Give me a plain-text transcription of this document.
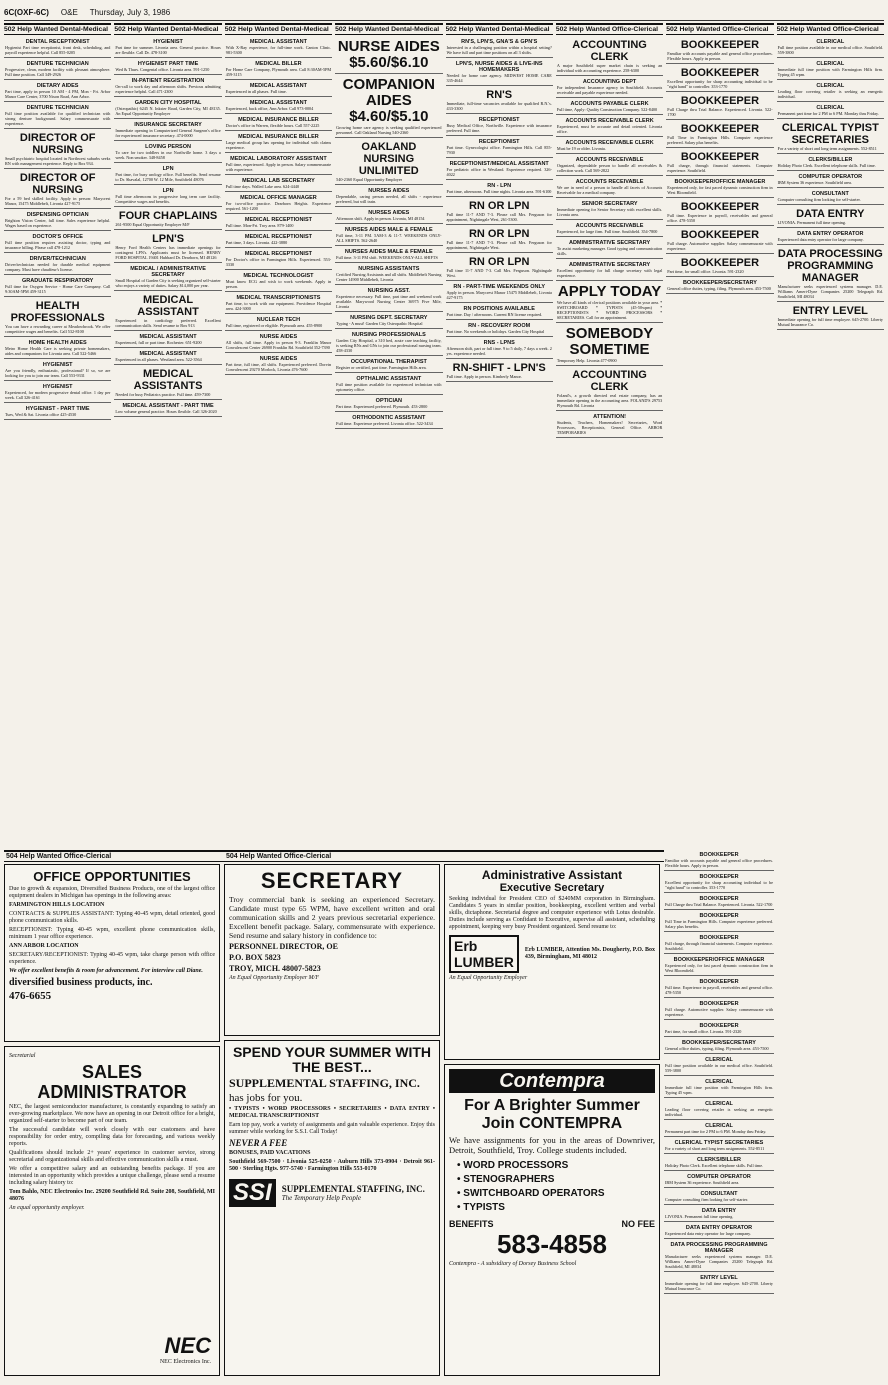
6C(OXF-6C) O&E Thursday, July 3, 1986
502 Help Wanted Dental-Medical
DENTAL RECEPTIONIST
Hygienist Part time receptionist, front desk, scheduling, and payroll experience helpful. Call 855-0205
DENTURE TECHNICIAN
Progressive, clean, modern facility with pleasant atmosphere. Full time position. Call 349-2926
DIETARY AIDES
Part time, apply in person 10 AM - 4 PM, Mon - Fri. Arbor Manor Care Center, 3700 Nixon Road, Ann Arbor.
DENTURE TECHNICIAN
Full time position available for qualified technician with strong denture background. Salary commensurate with experience.
DIRECTOR OF NURSING
Small psychiatric hospital located in Northwest suburbs seeks RN with management experience. Reply to Box 934.
DIRECTOR OF NURSING
For a 59 bed skilled facility. Apply in person: Marycrest Manor, 15475 Middlebelt, Livonia 427-9175
DISPENSING OPTICIAN
Brighton Vision Center, full time. Sales experience helpful. Wages based on experience.
DOCTOR'S OFFICE
Full time position requires assisting doctor, typing and insurance billing. Please call 478-1212
DRIVER/TECHNICIAN
Driver/technician needed for durable medical equipment company. Must have chauffeur's license.
GRADUATE RESPIRATORY
Full time for Oxygen Service - Home Care Company. Call 9:30AM-5PM 459-3115
HEALTH PROFESSIONALS
You can have a rewarding career at Meadowbrook. We offer competitive wages and benefits. Call 532-8100
HOME HEALTH AIDES
Metro Home Health Care is seeking private homemakers, aides and companions for Livonia area. Call 522-5466
HYGIENIST
Are you friendly, enthusiastic, professional? If so, we are looking for you to join our team. Call 553-9331
HYGIENIST
Experienced, for modern progressive dental office. 1 day per week. Call 326-4161
HYGIENIST - PART TIME
Tues, Wed & Sat. Livonia office 425-4530
502 Help Wanted Dental-Medical
HYGIENIST
Part time for summer. Livonia area. General practice. Hours are flexible. Call Dr. 478-3100
HYGIENIST PART TIME
Wed & Thurs. Congenial office. Livonia area. 591-1250
IN-PATIENT REGISTRATION
On-call to work day and afternoon shifts. Previous admitting experience helpful. Call 471-2300
GARDEN CITY HOSPITAL
(Osteopathic) 6245 N. Inkster Road, Garden City, MI 48135. An Equal Opportunity Employer
INSURANCE SECRETARY
Immediate opening in Computerized General Surgeon's office for experienced insurance secretary. 474-0000
LOVING PERSON
To care for two toddlers in our Northville home. 3 days a week. Non smoker. 348-8458
LPN
Part time, for busy urology office. Full benefits. Send resume to Dr. Shavalal, 12700 W. 12 Mile, Southfield 48076
LPN
Full time afternoons in progressive long term care facility. Competitive wages and benefits.
FOUR CHAPLAINS
261-9500 Equal Opportunity Employer M/F
LPN'S
Henry Ford Health Centers has immediate openings for contingent LPN's. Applicants must be licensed. HENRY FORD HOSPITAL 19401 Hubbard Dr. Dearborn, MI 48126
MEDICAL / ADMINISTRATIVE SECRETARY
Small Hospital of Garden City is seeking organized self-starter who enjoys a variety of duties. Salary $14,000 per year.
MEDICAL ASSISTANT
Experienced in cardiology preferred. Excellent communication skills. Send resume to Box 913
MEDICAL ASSISTANT
Experienced, full or part time. Rochester. 651-9200
MEDICAL ASSISTANT
Experienced in all phases. Westland area. 522-3564
MEDICAL ASSISTANTS
Needed for busy Pediatrics practice. Full time. 459-7300
MEDICAL ASSISTANT - PART TIME
Low volume general practice. Hours flexible. Call 326-2020
502 Help Wanted Dental-Medical
MEDICAL ASSISTANT
With X-Ray experience, for full-time work. Canton Clinic. 981-5300
MEDICAL BILLER
For Home Care Company, Plymouth area. Call 8:30AM-5PM 459-3115
MEDICAL ASSISTANT
Experienced in all phases. Full time.
MEDICAL ASSISTANT
Experienced, back office, Ann Arbor. Call 973-0004
MEDICAL INSURANCE BILLER
Doctor's office in Warren, flexible hours. Call 557-2225
MEDICAL INSURANCE BILLER
Large medical group has opening for individual with claims experience.
MEDICAL LABORATORY ASSISTANT
Full time, experienced. Apply in person. Salary commensurate with experience.
MEDICAL LAB SECRETARY
Full time days. Walled Lake area. 624-4440
MEDICAL OFFICE MANAGER
For two-office practice. Dearborn Heights. Experience required. 561-1200
MEDICAL RECEPTIONIST
Full time. Mon-Fri. Troy area. 879-1400
MEDICAL RECEPTIONIST
Part time, 3 days. Livonia. 422-3880
MEDICAL RECEPTIONIST
For Doctor's office in Farmington Hills. Experienced. 553-3330
MEDICAL TECHNOLOGIST
Must know ECG and wish to work weekends. Apply in person.
MEDICAL TRANSCRIPTIONISTS
Part time, to work with our equipment. Providence Hospital area. 424-3000
NUCLEAR TECH
Full time, registered or eligible. Plymouth area. 455-8900
NURSE AIDES
All shifts, full time. Apply in person 9-3. Franklin Manor Convalescent Center 26900 Franklin Rd. Southfield 352-7390
NURSE AIDES
Part time, full time, all shifts. Experienced preferred. Dorvin Convalescent 29270 Morlock, Livonia 476-7600
502 Help Wanted Dental-Medical
NURSE AIDES $5.60/$6.10
COMPANION AIDES $4.60/$5.10
Growing home care agency is seeking qualified experienced personnel. Call Oakland Nursing 540-2360
OAKLAND NURSING UNLIMITED
540-2360 Equal Opportunity Employer
NURSES AIDES
Dependable, caring person needed, all shifts - experience preferred, but will train.
NURSES AIDES
Afternoon shift. Apply in person. Livonia, MI 48154
NURSES AIDES MALE & FEMALE
Full time, 3-11 PM. 5AM-3 & 11-7. WEEKENDS ONLY-ALL SHIFTS. 562-2640
NURSES AIDES MALE & FEMALE
Full time. 3-11 PM shift. WEEKENDS ONLY-ALL SHIFTS
NURSING ASSISTANTS
Certified Nursing Assistants and all shifts. Middlebelt Nursing Center 14900 Middlebelt, Livonia
NURSING ASST.
Experience necessary. Full time, part time and weekend work available. Marywood Nursing Center 36975 Five Mile, Livonia
NURSING DEPT. SECRETARY
Typing - A must! Garden City Osteopathic Hospital
NURSING PROFESSIONALS
Garden City Hospital, a 310 bed, acute care teaching facility, is seeking RNs and GNs to join our professional nursing team. 458-4330
OCCUPATIONAL THERAPIST
Register or certified, part time. Farmington Hills area.
OPTHALMIC ASSISTANT
Full time position available for experienced technician with optometry office.
OPTICIAN
Part time. Experienced preferred. Plymouth. 453-2800
ORTHODONTIC ASSISTANT
Full time. Experience preferred. Livonia office. 522-3434
502 Help Wanted Dental-Medical
RN'S, LPN'S, GNA'S & GPN'S
Interested in a challenging position within a hospital setting? We have full and part time positions on all 3 shifts.
LPN'S, NURSE AIDES & LIVE-INS HOMEMAKERS
Needed for home care agency. MIDWEST HOME CARE 335-4644
RN'S
Immediate, full-time vacancies available for qualified R.N.'s. 433-3300
RECEPTIONIST
Busy Medical Office, Northville. Experience with insurance preferred. Full time.
RECEPTIONIST
Part time. Gynecologist office. Farmington Hills. Call 855-7930
RECEPTIONIST/MEDICAL ASSISTANT
For pediatric office in Westland. Experience required. 326-4022
RN - LPN
Part time, afternoons. Full time nights. Livonia area. 591-6100
RN OR LPN
Full time 11-7 AND 7-3. Please call Mrs. Ferguson for appointment, Nightingale West, 261-5300.
RN OR LPN
Full time 11-7 AND 7-3. Please call Mrs. Ferguson for appointment, Nightingale West.
RN OR LPN
Full time 11-7 AND 7-3. Call Mrs. Ferguson. Nightingale West.
RN - PART-TIME WEEKENDS ONLY
Apply in person. Marycrest Manor 15475 Middlebelt, Livonia 427-9175
RN POSITIONS AVAILABLE
Part time. Day / afternoons. Current RN license required.
RN - RECOVERY ROOM
Part time. No weekends or holidays. Garden City Hospital
RNS - LPNS
Afternoon shift, part or full time. 9 to 5 daily, 7 days a week. 2 yrs. experience needed.
RN-SHIFT - LPN'S
Full time. Apply in person. Kimberly Manor.
502 Help Wanted Office-Clerical
ACCOUNTING CLERK
A major Southfield super market chain is seeking an individual with accounting experience. 258-6300
ACCOUNTING DEPT
For independent Insurance agency in Southfield. Accounts receivable and payable experience needed.
ACCOUNTS PAYABLE CLERK
Full time, Apply: Quality Construction Company. 522-8400
ACCOUNTS RECEIVABLE CLERK
Experienced, must be accurate and detail oriented. Livonia office.
ACCOUNTS RECEIVABLE CLERK
Must be 19 or older. Livonia.
ACCOUNTS RECEIVABLE
Organized, dependable person to handle all receivables & collection work. Call 569-2822
ACCOUNTS RECEIVABLE
We are in need of a person to handle all facets of Accounts Receivable for a medical company.
SENIOR SECRETARY
Immediate opening for Senior Secretary with excellent skills. Livonia area.
ACCOUNTS RECEIVABLE
Experienced, for large firm. Full time. Southfield. 354-7800
ADMINISTRATIVE SECRETARY
To assist marketing manager. Good typing and communication skills.
ADMINISTRATIVE SECRETARY
Excellent opportunity for full charge secretary with legal experience.
APPLY TODAY
We have all kinds of clerical positions available in your area. * SWITCHBOARD * TYPISTS (45-50wpm) * RECEPTIONISTS * WORD PROCESSORS * SECRETARIES. Call for an appointment.
SOMEBODY SOMETIME
Temporary Help. Livonia 477-0900
ACCOUNTING CLERK
Foland's, a growth directed real estate company, has an immediate opening in the accounting area. FOLAND'S 29753 Plymouth Rd. Livonia
ATTENTION!
Students, Teachers, Homemakers! Secretaries, Word Processors, Receptionists, General Office. ARBOR TEMPORARIES
502 Help Wanted Office-Clerical
BOOKKEEPER
Familiar with accounts payable and general office procedures. Flexible hours. Apply in person.
BOOKKEEPER
Excellent opportunity for sharp accounting individual to be "right hand" to controller. 353-1770
BOOKKEEPER
Full Charge thru Trial Balance. Experienced. Livonia. 522-1700
BOOKKEEPER
Full Time in Farmington Hills. Computer experience preferred. Salary plus benefits.
BOOKKEEPER
Full charge, through financial statements. Computer experience. Southfield.
BOOKKEEPER/OFFICE MANAGER
Experienced only, for fast paced dynamic construction firm in West Bloomfield.
BOOKKEEPER
Full time. Experience in payroll, receivables and general office. 478-5350
BOOKKEEPER
Full charge. Automotive supplier. Salary commensurate with experience.
BOOKKEEPER
Part time, for small office. Livonia. 591-2320
BOOKKEEPER/SECRETARY
General office duties, typing, filing. Plymouth area. 453-7500
502 Help Wanted Office-Clerical
CLERICAL
Full time position available in our medical office. Southfield. 559-3800
CLERICAL
Immediate full time position with Farmington Hills firm. Typing 45 wpm.
CLERICAL
Leading floor covering retailer is seeking an energetic individual.
CLERICAL
Permanent part time for 2 PM to 6 PM. Monday thru Friday.
CLERICAL TYPIST SECRETARIES
For a variety of short and long term assignments. 552-8511
CLERKS/BILLER
Holiday Photo Clerk. Excellent telephone skills. Full time.
COMPUTER OPERATOR
IBM System 36 experience. Southfield area.
CONSULTANT
Computer consulting firm looking for self-starter.
DATA ENTRY
LIVONIA. Permanent full time opening.
DATA ENTRY OPERATOR
Experienced data entry operator for large company.
DATA PROCESSING PROGRAMMING MANAGER
Manufacturer seeks experienced systems manager. D.E. Williams Ameri-Dyne Companies 25200 Telegraph Rd. Southfield, MI 48034
ENTRY LEVEL
Immediate opening for full time employee. 645-2700. Liberty Mutual Insurance Co.
504 Help Wanted Office-Clerical	504 Help Wanted Office-Clerical
OFFICE OPPORTUNITIES

Due to growth & expansion, Diversified Business Products, one of the largest office equipment dealers in Michigan has openings in the following areas:

FARMINGTON HILLS LOCATION

CONTRACTS & SUPPLIES ASSISTANT: Typing 40-45 wpm, detail oriented, good phone communication skills.

RECEPTIONIST: Typing 40-45 wpm, excellent phone communication skills, minimum 1 year office experience.

ANN ARBOR LOCATION

SECRETARY/RECEPTIONIST: Typing 40-45 wpm, take charge person with office experience.

We offer excellent benefits & room for advancement. For interview call Diane.

diversified business products, inc.

476-6655

Secretarial

SALES ADMINISTRATOR

NEC, the largest semiconductor manufacturer, is constantly expanding to satisfy an ever-growing marketplace. We now have an opening in our Detroit office for a bright, organized self-starter to become part of our team.

The successful candidate will work closely with our customers and have responsibility for order entry, compiling data for forecasting, and various weekly reports.

Qualifications should include 2+ years' experience in customer service, strong secretarial and organizational skills and effective communication skills a must.

We offer a competitive salary and an outstanding benefits package. If you are interested in an opportunity which provides a unique challenge, please send a resume including salary history to:

Tom Bahlo, NEC Electronics Inc. 29200 Southfield Rd. Suite 208, Southfield, MI 48076

An equal opportunity employer.

NEC
NEC Electronics Inc.
SECRETARY

Troy commercial bank is seeking an experienced Secretary. Candidate must type 65 WPM, have excellent written and oral communication skills and 2 years previous secretarial experience. Excellent benefit package. Salary, commensurate with experience. Send resume and salary history in confidence to:

PERSONNEL DIRECTOR, OE

P.O. BOX 5823

TROY, MICH. 48007-5823

An Equal Opportunity Employer M/F

SPEND YOUR SUMMER WITH THE BEST...

SUPPLEMENTAL STAFFING, INC.

has jobs for you.

• TYPISTS • WORD PROCESSORS • SECRETARIES • DATA ENTRY • MEDICAL TRANSCRIPTIONIST

Earn top pay, work a variety of assignments and gain valuable experience. Enjoy this summer while working for S.S.I. Call Today!

NEVER A FEE

BONUSES, PAID VACATIONS

Southfield 569-7500 · Livonia 525-0250 · Auburn Hills 373-0904 · Detroit 961-500 · Sterling Hgts. 977-5740 · Farmington Hills 553-0170

SSI	SUPPLEMENTAL STAFFING, INC.
The Temporary Help People
Administrative Assistant
Executive Secretary

Seeking individual for President CEO of $240MM corporation in Birmingham. Candidates 5 years in similar position, bookkeeping, excellent written and verbal skills, dictaphone. Secretarial degree and computer experience with Lotus desirable. Duties include serving as Confidant to Executive, supervise all assistant, scheduling appointment, keeping very busy President organized. Send resume to:

Erb LUMBER

Erb LUMBER, Attention Ms. Dougherty, P.O. Box 439, Birmingham, MI 48012

An Equal Opportunity Employer

Contempra
For A Brighter Summer Join CONTEMPRA

We have assignments for you in the areas of Downriver, Detroit, Southfield, Troy. College students included.

• WORD PROCESSORS
• STENOGRAPHERS
• SWITCHBOARD OPERATORS
• TYPISTS
BENEFITS	NO FEE
583-4858

Contempra - A subsidiary of Dorsey Business School

BOOKKEEPER
Familiar with accounts payable and general office procedures. Flexible hours. Apply in person.
BOOKKEEPER
Excellent opportunity for sharp accounting individual to be "right hand" to controller. 353-1770
BOOKKEEPER
Full Charge thru Trial Balance. Experienced. Livonia. 522-1700
BOOKKEEPER
Full Time in Farmington Hills. Computer experience preferred. Salary plus benefits.
BOOKKEEPER
Full charge, through financial statements. Computer experience. Southfield.
BOOKKEEPER/OFFICE MANAGER
Experienced only, for fast paced dynamic construction firm in West Bloomfield.
BOOKKEEPER
Full time. Experience in payroll, receivables and general office. 478-5350
BOOKKEEPER
Full charge. Automotive supplier. Salary commensurate with experience.
BOOKKEEPER
Part time, for small office. Livonia. 591-2320
BOOKKEEPER/SECRETARY
General office duties, typing, filing. Plymouth area. 453-7500
CLERICAL
Full time position available in our medical office. Southfield. 559-3800
CLERICAL
Immediate full time position with Farmington Hills firm. Typing 45 wpm.
CLERICAL
Leading floor covering retailer is seeking an energetic individual.
CLERICAL
Permanent part time for 2 PM to 6 PM. Monday thru Friday.
CLERICAL TYPIST SECRETARIES
For a variety of short and long term assignments. 552-8511
CLERKS/BILLER
Holiday Photo Clerk. Excellent telephone skills. Full time.
COMPUTER OPERATOR
IBM System 36 experience. Southfield area.
CONSULTANT
Computer consulting firm looking for self-starter.
DATA ENTRY
LIVONIA. Permanent full time opening.
DATA ENTRY OPERATOR
Experienced data entry operator for large company.
DATA PROCESSING PROGRAMMING MANAGER
Manufacturer seeks experienced systems manager. D.E. Williams Ameri-Dyne Companies 25200 Telegraph Rd. Southfield, MI 48034
ENTRY LEVEL
Immediate opening for full time employee. 645-2700. Liberty Mutual Insurance Co.
